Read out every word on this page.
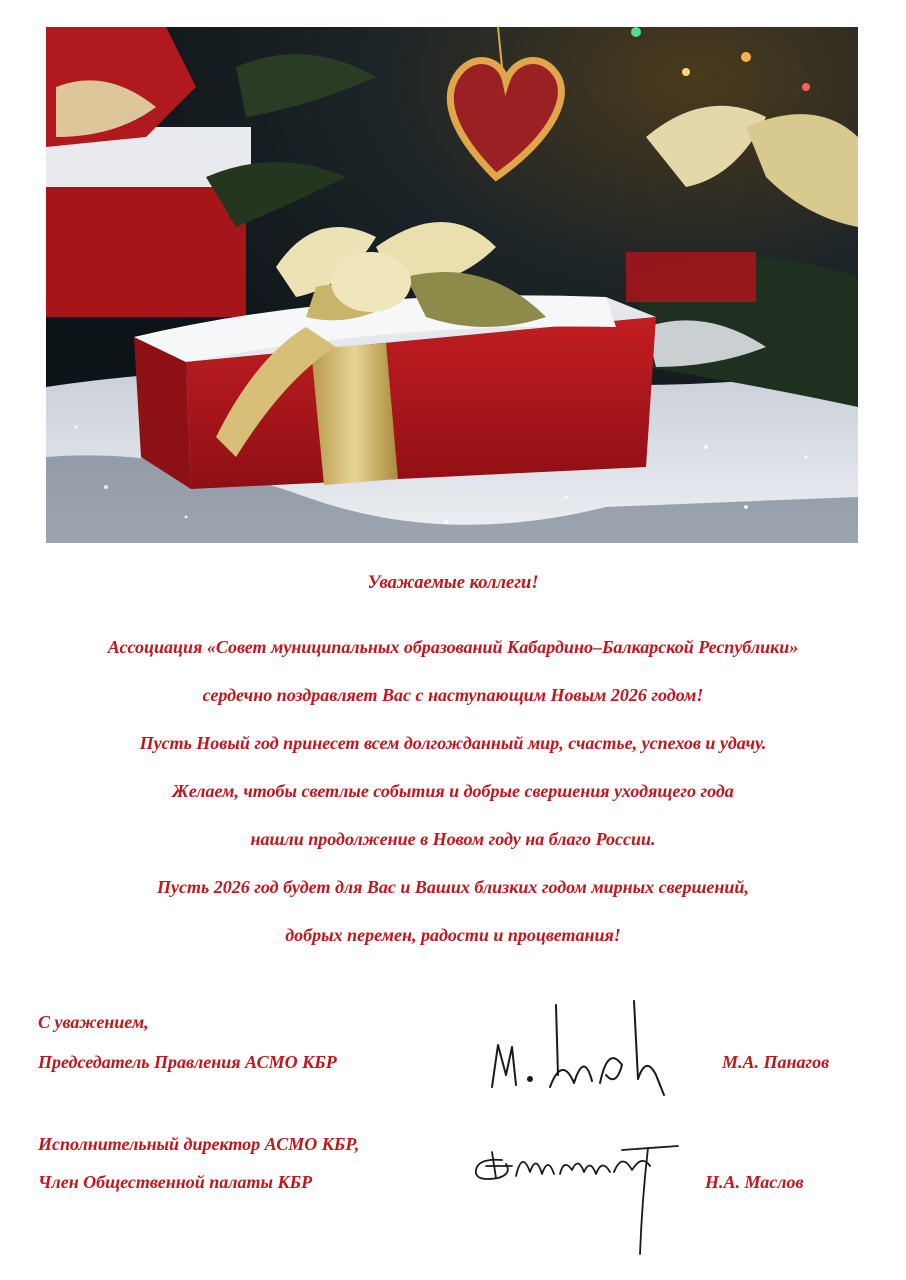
Уважаемые коллеги!
Ассоциация «Совет муниципальных образований Кабардино–Балкарской Республики»
сердечно поздравляет Вас с наступающим Новым 2026 годом!
Пусть Новый год принесет всем долгожданный мир, счастье, успехов и удачу.
Желаем, чтобы светлые события и добрые свершения уходящего года
нашли продолжение в Новом году на благо России.
Пусть 2026 год будет для Вас и Ваших близких годом мирных свершений,
добрых перемен, радости и процветания!
С уважением,
Председатель Правления АСМО КБР	М.А. Панагов
Исполнительный директор АСМО КБР,
Член Общественной палаты КБР	Н.А. Маслов
